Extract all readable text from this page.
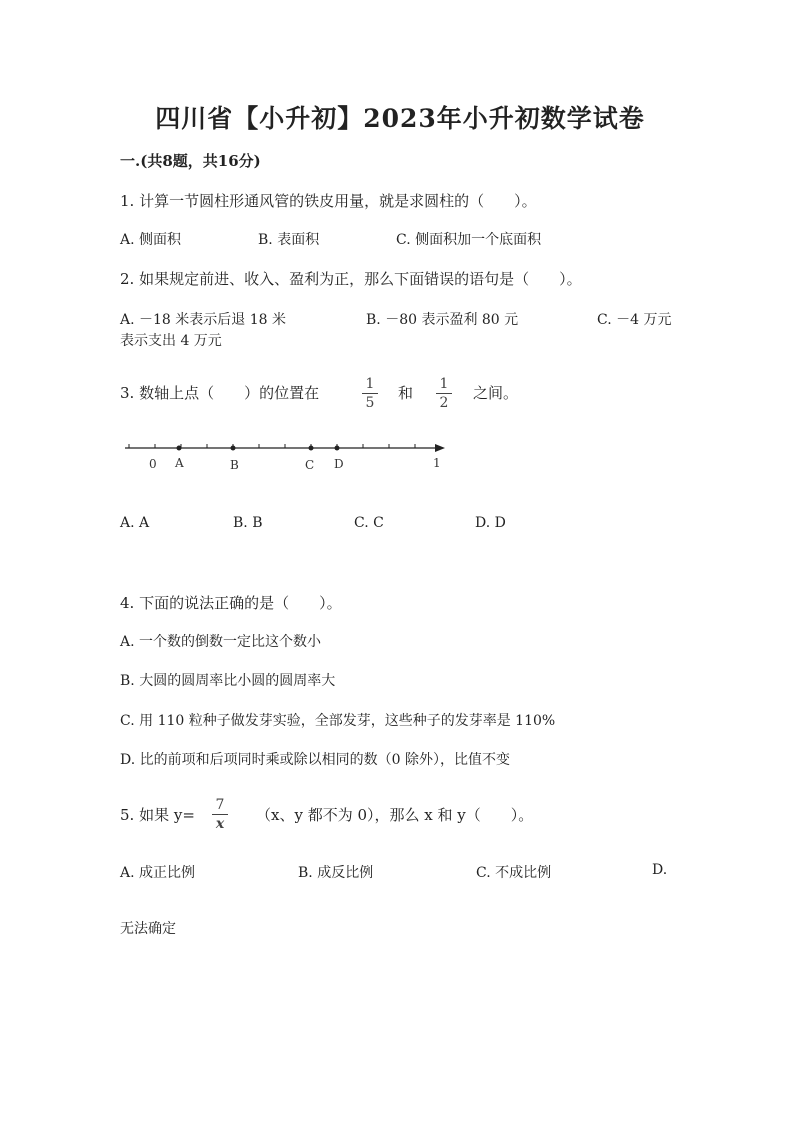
四川省【小升初】2023年小升初数学试卷
一.(共8题，共16分)
1. 计算一节圆柱形通风管的铁皮用量，就是求圆柱的（　　）。
A. 侧面积	B. 表面积	C. 侧面积加一个底面积
2. 如果规定前进、收入、盈利为正，那么下面错误的语句是（　　）。
A. －18 米表示后退 18 米	B. －80 表示盈利 80 元	C. －4 万元
表示支出 4 万元
3. 数轴上点（　　）的位置在	1
5
和 1
2
之间。
0 A	B	C D	1
A. A	B. B	C. C	D. D
4. 下面的说法正确的是（　　）。
A. 一个数的倒数一定比这个数小
B. 大圆的圆周率比小圆的圆周率大
C. 用 110 粒种子做发芽实验，全部发芽，这些种子的发芽率是 110%
D. 比的前项和后项同时乘或除以相同的数（0 除外），比值不变
5. 如果 y=
7
x （x、y 都不为 0），那么 x 和 y（　　）。
A. 成正比例	B. 成反比例	C. 不成比例	D.
无法确定
